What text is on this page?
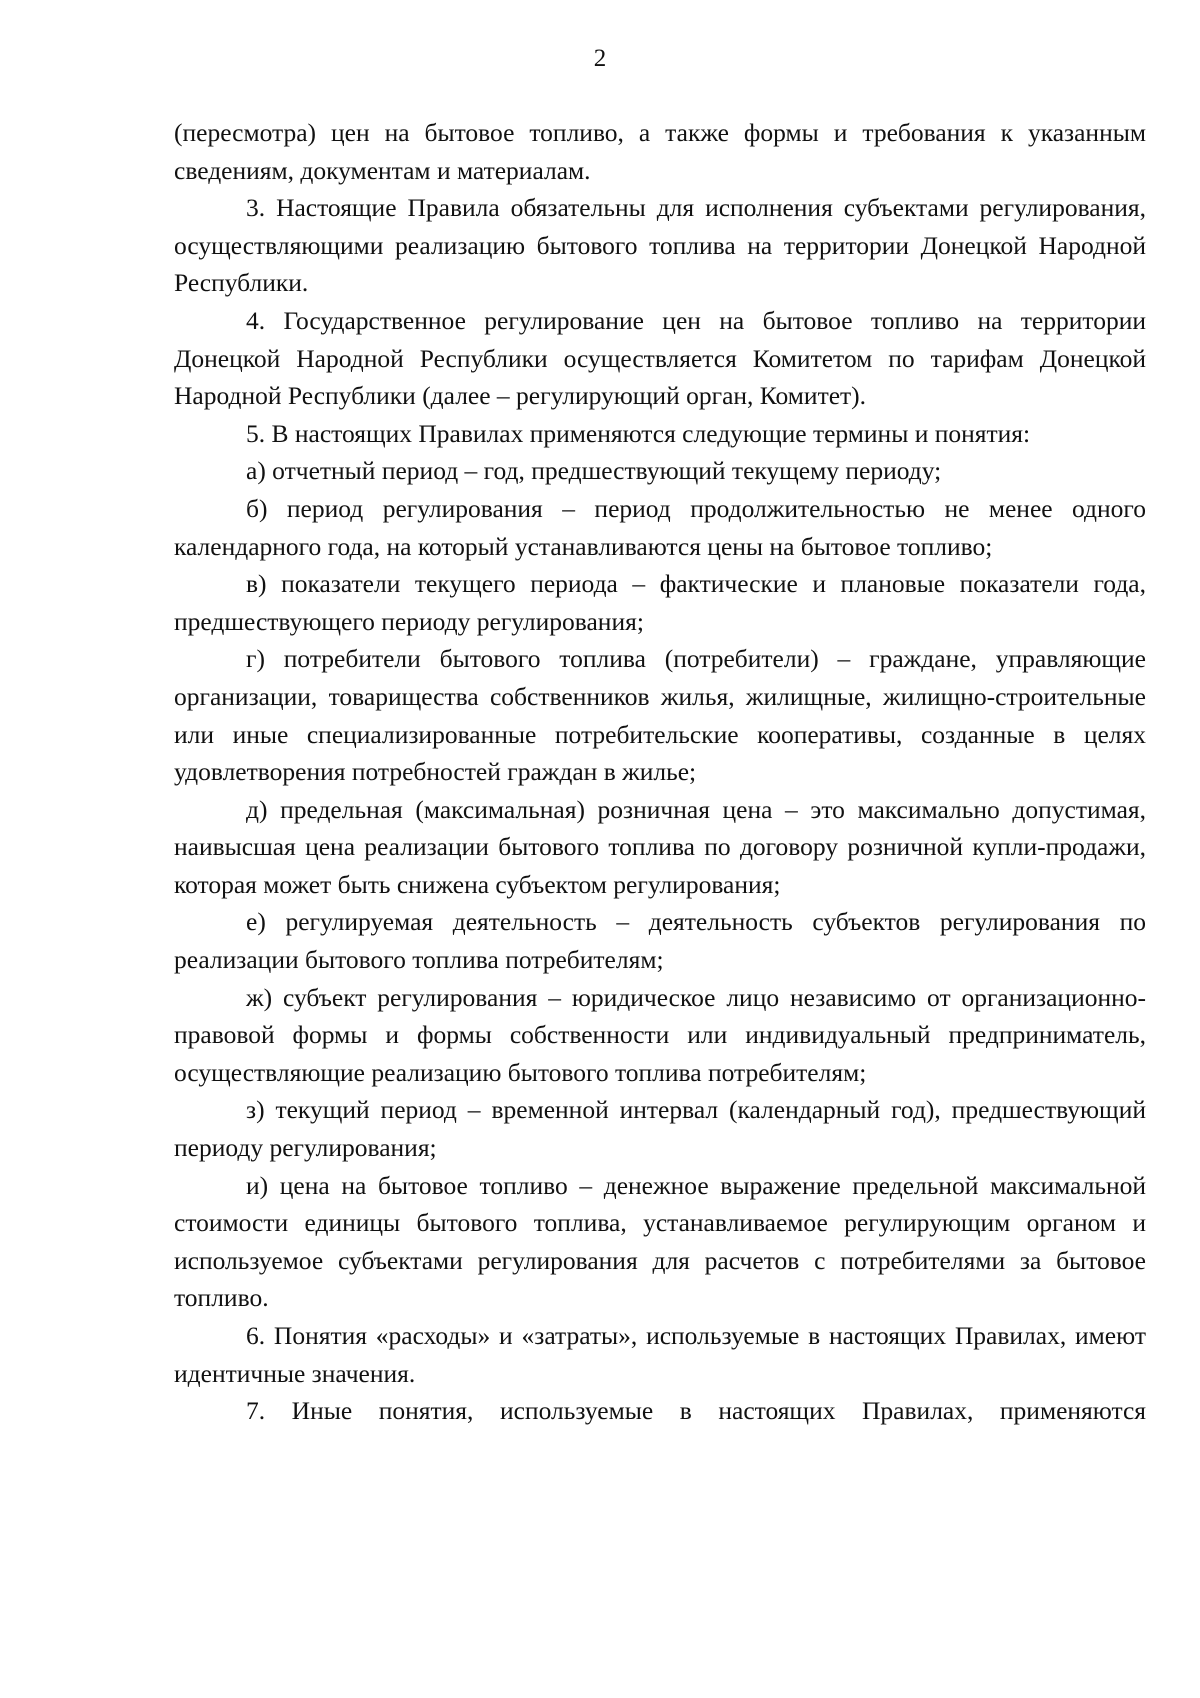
2

(пересмотра) цен на бытовое топливо, а также формы и требования к указанным сведениям, документам и материалам.

3. Настоящие Правила обязательны для исполнения субъектами регулирования, осуществляющими реализацию бытового топлива на территории Донецкой Народной Республики.

4. Государственное регулирование цен на бытовое топливо на территории Донецкой Народной Республики осуществляется Комитетом по тарифам Донецкой Народной Республики (далее – регулирующий орган, Комитет).

5. В настоящих Правилах применяются следующие термины и понятия:

а) отчетный период – год, предшествующий текущему периоду;

б) период регулирования – период продолжительностью не менее одного календарного года, на который устанавливаются цены на бытовое топливо;

в) показатели текущего периода – фактические и плановые показатели года, предшествующего периоду регулирования;

г) потребители бытового топлива (потребители) – граждане, управляющие организации, товарищества собственников жилья, жилищные, жилищно-строительные или иные специализированные потребительские кооперативы, созданные в целях удовлетворения потребностей граждан в жилье;

д) предельная (максимальная) розничная цена – это максимально допустимая, наивысшая цена реализации бытового топлива по договору розничной купли-продажи, которая может быть снижена субъектом регулирования;

е) регулируемая деятельность – деятельность субъектов регулирования по реализации бытового топлива потребителям;

ж) субъект регулирования – юридическое лицо независимо от организационно-правовой формы и формы собственности или индивидуальный предприниматель, осуществляющие реализацию бытового топлива потребителям;

з) текущий период – временной интервал (календарный год), предшествующий периоду регулирования;

и) цена на бытовое топливо – денежное выражение предельной максимальной стоимости единицы бытового топлива, устанавливаемое регулирующим органом и используемое субъектами регулирования для расчетов с потребителями за бытовое топливо.

6. Понятия «расходы» и «затраты», используемые в настоящих Правилах, имеют идентичные значения.

7. Иные понятия, используемые в настоящих Правилах, применяются
